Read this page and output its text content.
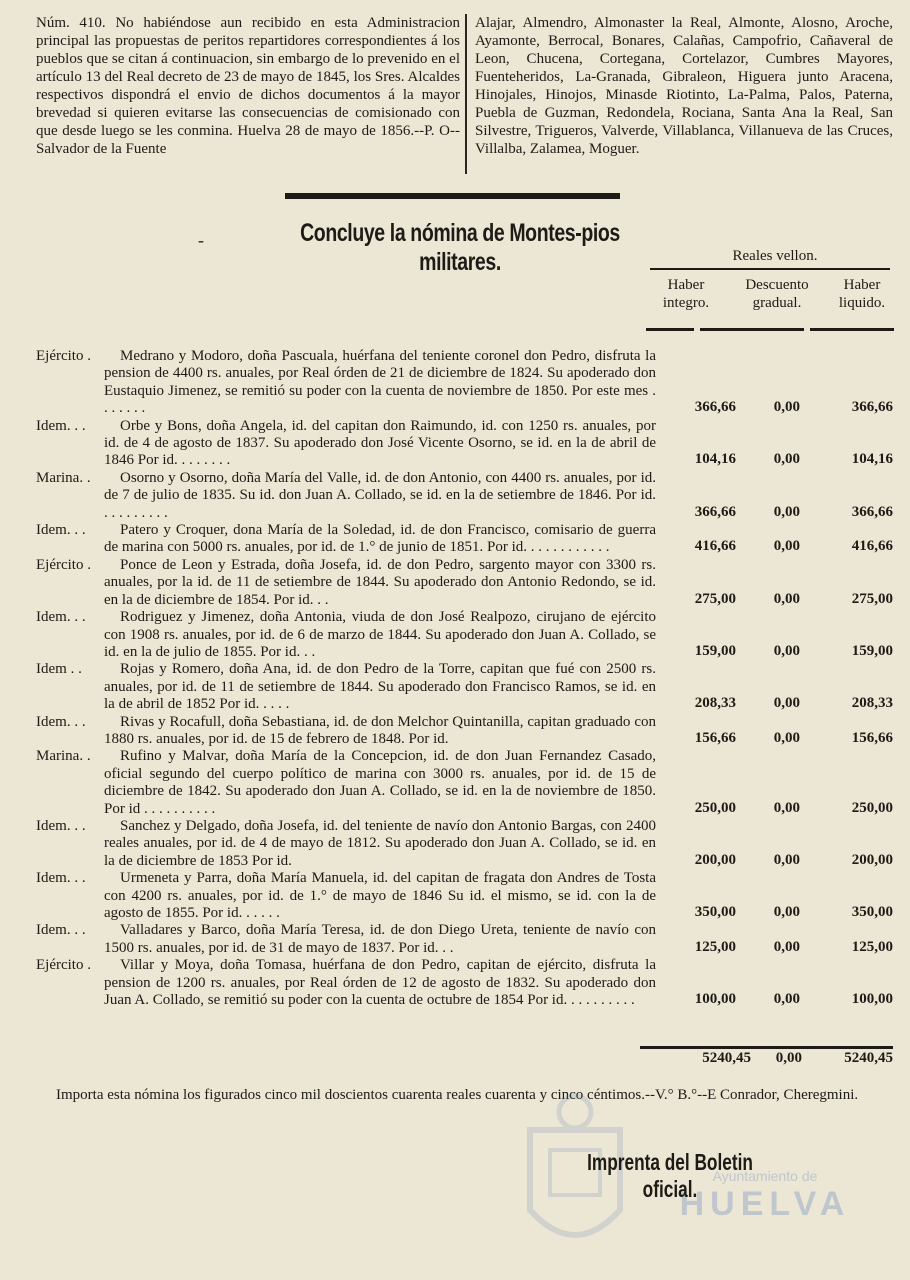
Núm. 410. No habiéndose aun recibido en esta Administracion principal las propuestas de peritos repartidores correspondientes á los pueblos que se citan á continuacion, sin embargo de lo prevenido en el artículo 13 del Real decreto de 23 de mayo de 1845, los Sres. Alcaldes respectivos dispondrá el envio de dichos documentos á la mayor brevedad si quieren evitarse las consecuencias de comisionado con que desde luego se les conmina. Huelva 28 de mayo de 1856.--P. O--Salvador de la Fuente
Alajar, Almendro, Almonaster la Real, Almonte, Alosno, Aroche, Ayamonte, Berrocal, Bonares, Calañas, Campofrio, Cañaveral de Leon, Chucena, Cortegana, Cortelazor, Cumbres Mayores, Fuenteheridos, La-Granada, Gibraleon, Higuera junto Aracena, Hinojales, Hinojos, Minasde Riotinto, La-Palma, Palos, Paterna, Puebla de Guzman, Redondela, Rociana, Santa Ana la Real, San Silvestre, Trigueros, Valverde, Villablanca, Villanueva de las Cruces, Villalba, Zalamea, Moguer.
-	Concluye la nómina de Montes-pios militares.	Reales vellon.
Haber
integro.
Descuento
gradual.
Haber
liquido.
Ejército .	Medrano y Modoro, doña Pascuala, huérfana del teniente coronel don Pedro, disfruta la pension de 4400 rs. anuales, por Real órden de 21 de diciembre de 1824. Su apoderado don Eustaquio Jimenez, se remitió su poder con la cuenta de noviembre de 1850. Por este mes . . . . . . .	366,66	0,00	366,66
Idem. . .	Orbe y Bons, doña Angela, id. del capitan don Raimundo, id. con 1250 rs. anuales, por id. de 4 de agosto de 1837. Su apoderado don José Vicente Osorno, se id. en la de abril de 1846 Por id. . . . . . . .	104,16	0,00	104,16
Marina. .	Osorno y Osorno, doña María del Valle, id. de don Antonio, con 4400 rs. anuales, por id. de 7 de julio de 1835. Su id. don Juan A. Collado, se id. en la de setiembre de 1846. Por id. . . . . . . . . .	366,66	0,00	366,66
Idem. . .	Patero y Croquer, dona María de la Soledad, id. de don Francisco, comisario de guerra de marina con 5000 rs. anuales, por id. de 1.° de junio de 1851. Por id. . . . . . . . . . . .	416,66	0,00	416,66
Ejército .	Ponce de Leon y Estrada, doña Josefa, id. de don Pedro, sargento mayor con 3300 rs. anuales, por la id. de 11 de setiembre de 1844. Su apoderado don Antonio Redondo, se id. en la de diciembre de 1854. Por id. . .	275,00	0,00	275,00
Idem. . .	Rodriguez y Jimenez, doña Antonia, viuda de don José Realpozo, cirujano de ejército con 1908 rs. anuales, por id. de 6 de marzo de 1844. Su apoderado don Juan A. Collado, se id. en la de julio de 1855. Por id. . .	159,00	0,00	159,00
Idem . .	Rojas y Romero, doña Ana, id. de don Pedro de la Torre, capitan que fué con 2500 rs. anuales, por id. de 11 de setiembre de 1844. Su apoderado don Francisco Ramos, se id. en la de abril de 1852 Por id. . . . .	208,33	0,00	208,33
Idem. . .	Rivas y Rocafull, doña Sebastiana, id. de don Melchor Quintanilla, capitan graduado con 1880 rs. anuales, por id. de 15 de febrero de 1848. Por id.	156,66	0,00	156,66
Marina. .	Rufino y Malvar, doña María de la Concepcion, id. de don Juan Fernandez Casado, oficial segundo del cuerpo político de marina con 3000 rs. anuales, por id. de 15 de diciembre de 1842. Su apoderado don Juan A. Collado, se id. en la de noviembre de 1850. Por id . . . . . . . . . .	250,00	0,00	250,00
Idem. . .	Sanchez y Delgado, doña Josefa, id. del teniente de navío don Antonio Bargas, con 2400 reales anuales, por id. de 4 de mayo de 1812. Su apoderado don Juan A. Collado, se id. en la de diciembre de 1853 Por id.	200,00	0,00	200,00
Idem. . .	Urmeneta y Parra, doña María Manuela, id. del capitan de fragata don Andres de Tosta con 4200 rs. anuales, por id. de 1.° de mayo de 1846 Su id. el mismo, se id. con la de agosto de 1855. Por id. . . . . .	350,00	0,00	350,00
Idem. . .	Valladares y Barco, doña María Teresa, id. de don Diego Ureta, teniente de navío con 1500 rs. anuales, por id. de 31 de mayo de 1837. Por id. . .	125,00	0,00	125,00
Ejército .	Villar y Moya, doña Tomasa, huérfana de don Pedro, capitan de ejército, disfruta la pension de 1200 rs. anuales, por Real órden de 12 de agosto de 1832. Su apoderado don Juan A. Collado, se remitió su poder con la cuenta de octubre de 1854 Por id. . . . . . . . . .	100,00	0,00	100,00
5240,45	0,00	5240,45
Importa esta nómina los figurados cinco mil doscientos cuarenta reales cuarenta y cinco céntimos.--V.° B.°--E Conrador, Cheregmini.
Ayuntamiento de
HUELVA
Imprenta del Boletin oficial.
